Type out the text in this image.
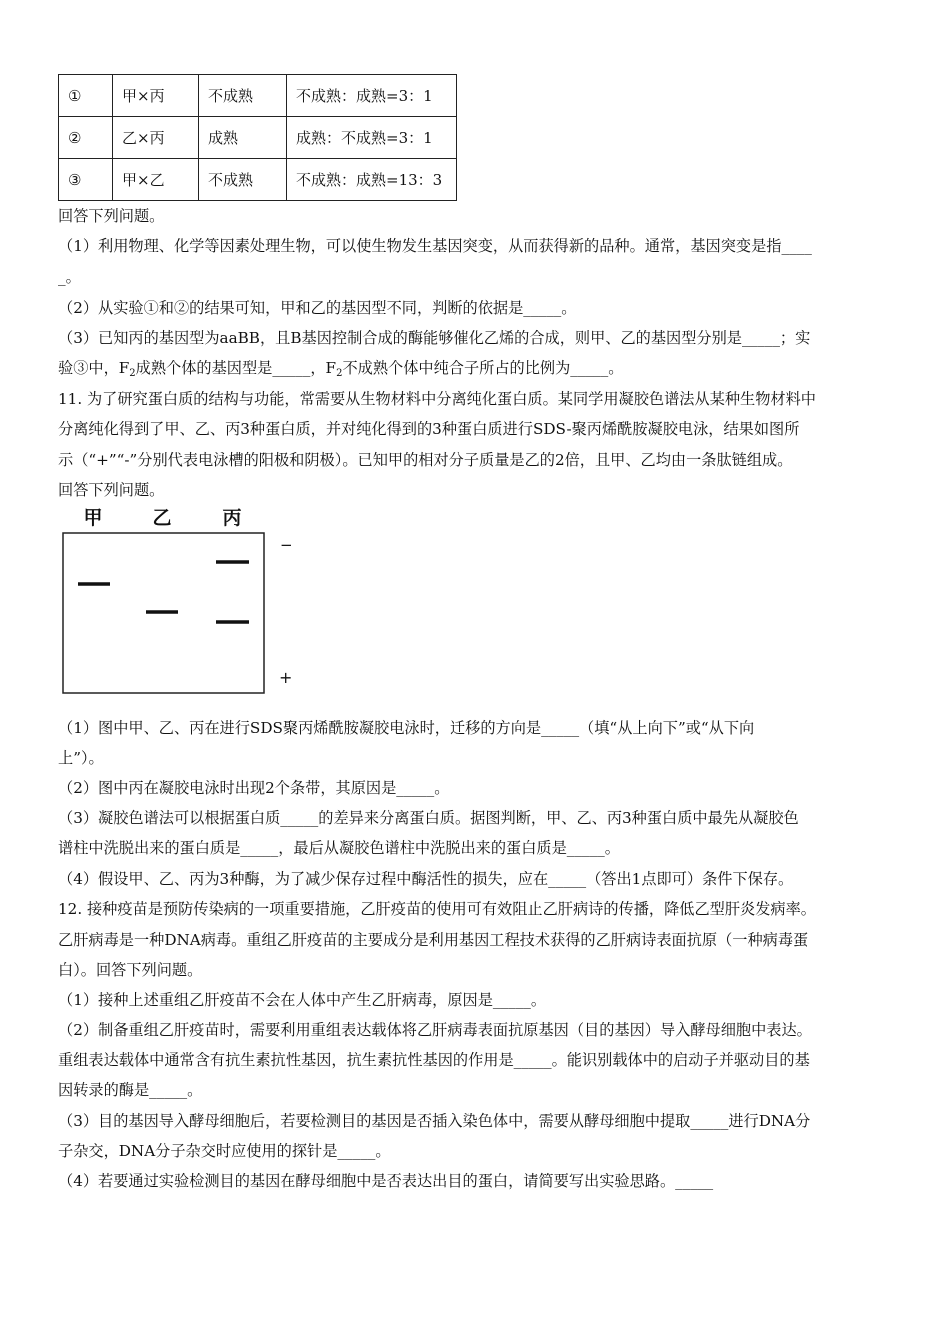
①	甲×丙	不成熟	不成熟：成熟=3：1
②	乙×丙	成熟	成熟：不成熟=3：1
③	甲×乙	不成熟	不成熟：成熟=13：3
回答下列问题。
（1）利用物理、化学等因素处理生物，可以使生物发生基因突变，从而获得新的品种。通常，基因突变是指____
_。
（2）从实验①和②的结果可知，甲和乙的基因型不同，判断的依据是_____。
（3）已知丙的基因型为aaBB，且B基因控制合成的酶能够催化乙烯的合成，则甲、乙的基因型分别是_____；实
验③中，$F_2$成熟个体的基因型是_____，$F_2$不成熟个体中纯合子所占的比例为_____。
11. 为了研究蛋白质的结构与功能，常需要从生物材料中分离纯化蛋白质。某同学用凝胶色谱法从某种生物材料中
分离纯化得到了甲、乙、丙3种蛋白质，并对纯化得到的3种蛋白质进行SDS-聚丙烯酰胺凝胶电泳，结果如图所
示（“+”“-”分别代表电泳槽的阳极和阴极）。已知甲的相对分子质量是乙的2倍，且甲、乙均由一条肽链组成。
回答下列问题。
甲	乙	丙
−
+
（1）图中甲、乙、丙在进行SDS聚丙烯酰胺凝胶电泳时，迁移的方向是_____（填“从上向下”或“从下向
上”）。
（2）图中丙在凝胶电泳时出现2个条带，其原因是_____。
（3）凝胶色谱法可以根据蛋白质_____的差异来分离蛋白质。据图判断，甲、乙、丙3种蛋白质中最先从凝胶色
谱柱中洗脱出来的蛋白质是_____，最后从凝胶色谱柱中洗脱出来的蛋白质是_____。
（4）假设甲、乙、丙为3种酶，为了减少保存过程中酶活性的损失，应在_____（答出1点即可）条件下保存。
12. 接种疫苗是预防传染病的一项重要措施，乙肝疫苗的使用可有效阻止乙肝病诗的传播，降低乙型肝炎发病率。
乙肝病毒是一种DNA病毒。重组乙肝疫苗的主要成分是利用基因工程技术获得的乙肝病诗表面抗原（一种病毒蛋
白）。回答下列问题。
（1）接种上述重组乙肝疫苗不会在人体中产生乙肝病毒，原因是_____。
（2）制备重组乙肝疫苗时，需要利用重组表达载体将乙肝病毒表面抗原基因（目的基因）导入酵母细胞中表达。
重组表达载体中通常含有抗生素抗性基因，抗生素抗性基因的作用是_____。能识别载体中的启动子并驱动目的基
因转录的酶是_____。
（3）目的基因导入酵母细胞后，若要检测目的基因是否插入染色体中，需要从酵母细胞中提取_____进行DNA分
子杂交，DNA分子杂交时应使用的探针是_____。
（4）若要通过实验检测目的基因在酵母细胞中是否表达出目的蛋白，请简要写出实验思路。_____
